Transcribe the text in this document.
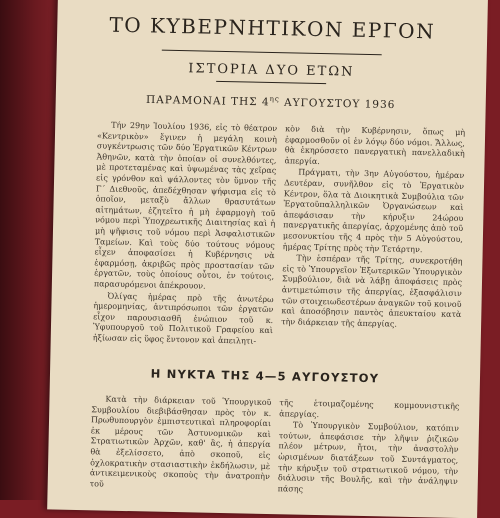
ΤΟ ΚΥΒΕΡΝΗΤΙΚΟΝ ΕΡΓΟΝ
ΙΣΤΟΡΙΑ ΔΥΟ ΕΤΩΝ
ΠΑΡΑΜΟΝΑΙ ΤΗΣ $4^{\eta\varsigma}$ ΑΥΓΟΥΣΤΟΥ 1936

Τήν 29ην Ἰουλίου 1936, εἰς τὸ θέατρον «Κεντρικὸν» ἔγινεν ἡ μεγάλη κοινὴ συγκέντρωσις τῶν δύο Ἐργατικῶν Κέντρων Ἀθηνῶν, κατὰ τὴν ὁποίαν οἱ συνελθόντες, μὲ προτεταμένας καὶ ὑψωμένας τὰς χεῖρας εἰς γρόνθον καὶ ψάλλοντες τὸν ὕμνον τῆς Γ΄ Διεθνοῦς, ἀπεδέχθησαν ψήφισμα εἰς τὸ ὁποῖον, μεταξὺ ἄλλων θρασυτάτων αἰτημάτων, ἐζητεῖτο ἡ μὴ ἐφαρμογὴ τοῦ νόμου περὶ Ὑποχρεωτικῆς Διαιτησίας καὶ ἡ μὴ ψῆφισις τοῦ νόμου περὶ Ἀσφαλιστικῶν Ταμείων. Καὶ τοὺς δύο τούτους νόμους εἶχεν ἀποφασίσει ἡ Κυβέρνησις νὰ ἐφαρμόσῃ, ἀκριβῶς πρὸς προστασίαν τῶν ἐργατῶν, τοὺς ὁποίους οὗτοι, ἐν τούτοις, παρασυρόμενοι ἀπέκρουον.

Ὀλίγας ἡμέρας πρὸ τῆς ἀνωτέρω ἡμερομηνίας, ἀντιπρόσωποι τῶν ἐργατῶν εἶχον παρουσιασθῆ ἐνώπιον τοῦ κ. Ὑφυπουργοῦ τοῦ Πολιτικοῦ Γραφείου καὶ ἠξίωσαν εἰς ὕφος ἔντονον καὶ ἀπειλητι-

κὸν διὰ τὴν Κυβέρνησιν, ὅπως μὴ ἐφαρμοσθοῦν οἱ ἐν λόγῳ δύο νόμοι. Ἄλλως, θὰ ἐκηρύσσετο πανεργατικὴ πανελλαδικὴ ἀπεργία.

Πράγματι, τὴν 3ην Αὐγούστου, ἡμέραν Δευτέραν, συνῆλθον εἰς τὸ Ἐργατικὸν Κέντρον, ὅλα τὰ Διοικητικὰ Συμβούλια τῶν Ἐργατοϋπαλληλικῶν Ὀργανώσεων καὶ ἀπεφάσισαν τὴν κήρυξιν 24ώρου πανεργατικῆς ἀπεργίας, ἀρχομένης ἀπὸ τοῦ μεσονυκτίου τῆς 4 πρὸς τὴν 5 Αὐγούστου, ἡμέρας Τρίτης πρὸς τὴν Τετάρτην.

Τὴν ἑσπέραν τῆς Τρίτης, συνεκροτήθη εἰς τὸ Ὑπουργεῖον Ἐξωτερικῶν Ὑπουργικὸν Συμβούλιον, διὰ νὰ λάβῃ ἀποφάσεις πρὸς ἀντιμετώπισιν τῆς ἀπεργίας, ἐξασφάλισιν τῶν στοιχειωδεστέρων ἀναγκῶν τοῦ κοινοῦ καὶ ἀποσόβησιν παντὸς ἀπευκταίου κατὰ τὴν διάρκειαν τῆς ἀπεργίας.

Η ΝΥΚΤΑ ΤΗΣ 4—5 ΑΥΓΟΥΣΤΟΥ

Κατὰ τὴν διάρκειαν τοῦ Ὑπουργικοῦ Συμβουλίου διεβιβάσθησαν πρὸς τὸν κ. Πρωθυπουργὸν ἐμπιστευτικαὶ πληροφορίαι ἐκ μέρους τῶν Ἀστυνομικῶν καὶ Στρατιωτικῶν Ἀρχῶν, καθ' ἃς, ἡ ἀπεργία θὰ ἐξελίσσετο, ἀπὸ σκοποῦ, εἰς ὀχλοκρατικὴν στασιαστικὴν ἐκδήλωσιν, μὲ ἀντικειμενικοὺς σκοποὺς τὴν ἀνατροπὴν τοῦ

τῆς ἑτοιμαζομένης κομμουνιστικῆς ἀπεργίας.

Τὸ Ὑπουργικὸν Συμβούλιον, κατόπιν τούτων, ἀπεφάσισε τὴν λῆψιν ῥιζικῶν πλέον μέτρων, ἤτοι, τὴν ἀναστολὴν ὡρισμένων διατάξεων τοῦ Συντάγματος, τὴν κήρυξιν τοῦ στρατιωτικοῦ νόμου, τὴν διάλυσιν τῆς Βουλῆς, καὶ τὴν ἀνάληψιν πάσης
